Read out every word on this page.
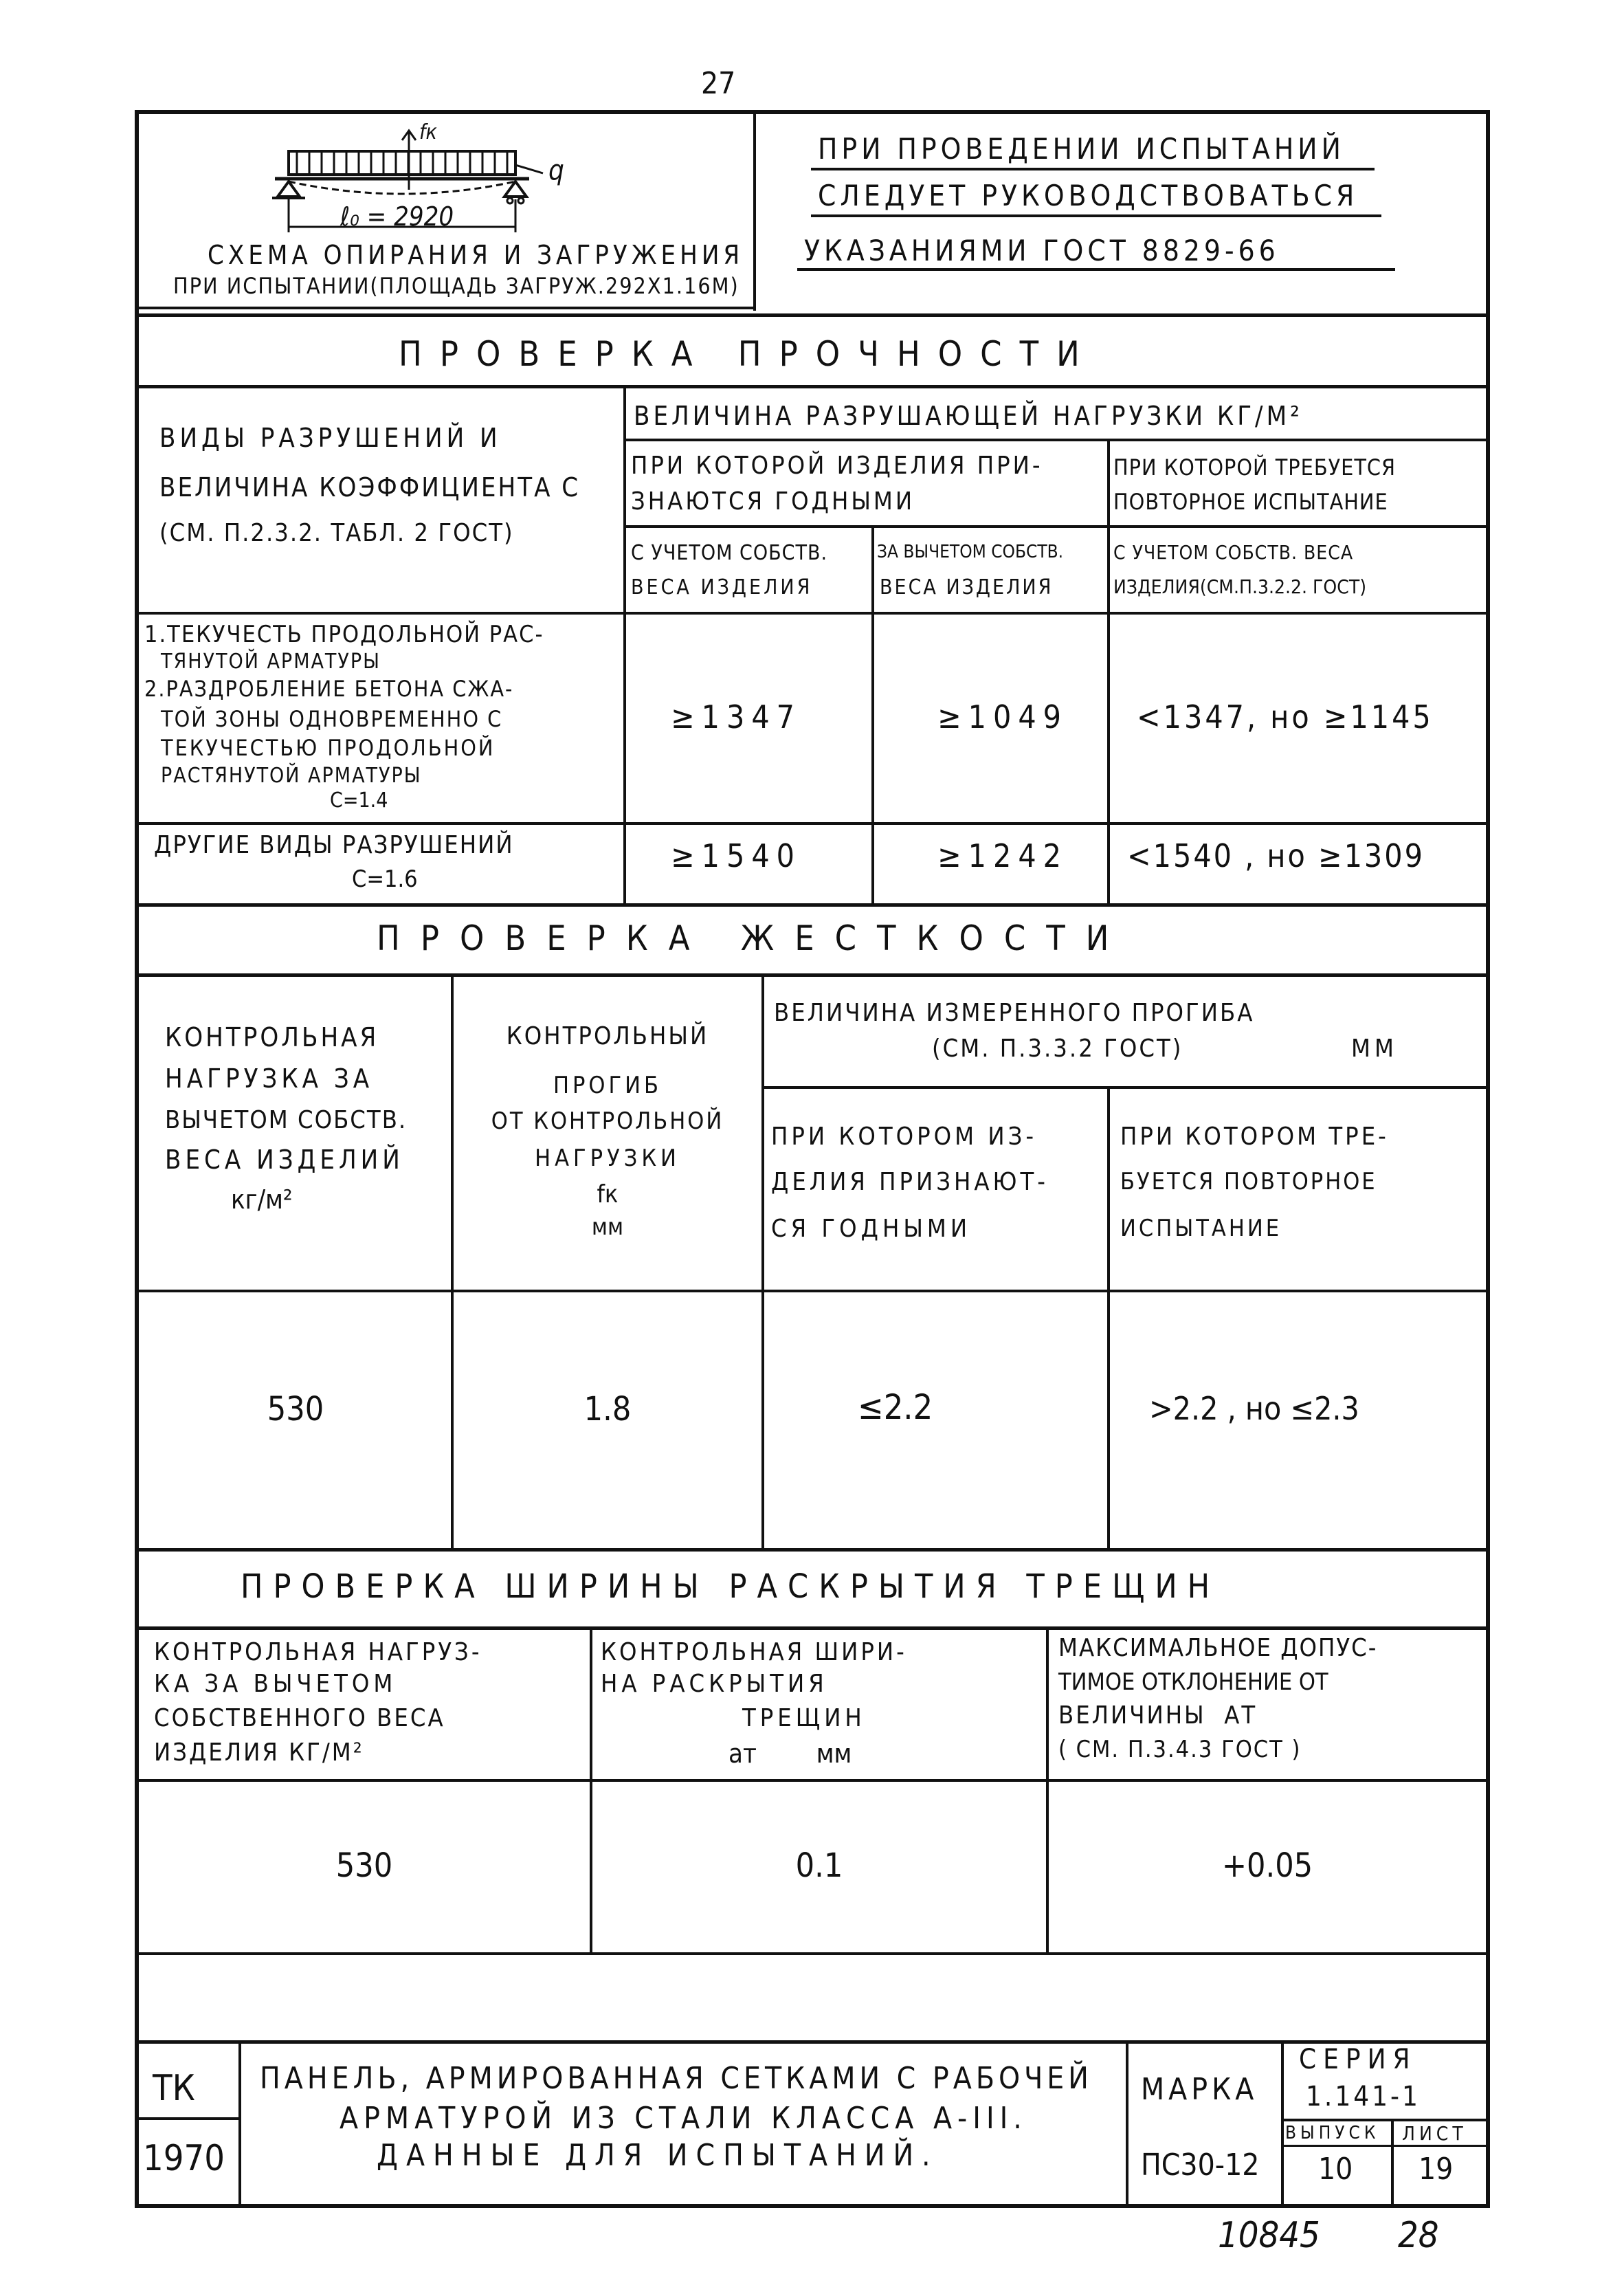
27
q
fк
ℓ₀ = 2920
СХЕМА ОПИРАНИЯ И ЗАГРУЖЕНИЯ
ПРИ ИСПЫТАНИИ(ПЛОЩАДЬ ЗАГРУЖ.292Х1.16М)
ПРИ ПРОВЕДЕНИИ ИСПЫТАНИЙ
СЛЕДУЕТ РУКОВОДСТВОВАТЬСЯ
УКАЗАНИЯМИ ГОСТ 8829-66
ПРОВЕРКА ПРОЧНОСТИ
ВИДЫ РАЗРУШЕНИЙ И
ВЕЛИЧИНА КОЭФФИЦИЕНТА C
(СМ. П.2.3.2. ТАБЛ. 2 ГОСТ)
ВЕЛИЧИНА РАЗРУШАЮЩЕЙ НАГРУЗКИ КГ/М²
ПРИ КОТОРОЙ ИЗДЕЛИЯ ПРИ-
ЗНАЮТСЯ ГОДНЫМИ
ПРИ КОТОРОЙ ТРЕБУЕТСЯ
ПОВТОРНОЕ ИСПЫТАНИЕ
С УЧЕТОМ СОБСТВ.
ВЕСА ИЗДЕЛИЯ
ЗА ВЫЧЕТОМ СОБСТВ.
ВЕСА ИЗДЕЛИЯ
С УЧЕТОМ СОБСТВ. ВЕСА
ИЗДЕЛИЯ(СМ.П.3.2.2. ГОСТ)
1.ТЕКУЧЕСТЬ ПРОДОЛЬНОЙ РАС-
ТЯНУТОЙ АРМАТУРЫ
2.РАЗДРОБЛЕНИЕ БЕТОНА СЖА-
ТОЙ ЗОНЫ ОДНОВРЕМЕННО С
ТЕКУЧЕСТЬЮ ПРОДОЛЬНОЙ
РАСТЯНУТОЙ АРМАТУРЫ
C=1.4
≥1347	≥1049 <1347, но ≥1145
ДРУГИЕ ВИДЫ РАЗРУШЕНИЙ
C=1.6
≥1540	≥1242 <1540 , но ≥1309
ПРОВЕРКА ЖЕСТКОСТИ
КОНТРОЛЬНАЯ
НАГРУЗКА ЗА
ВЫЧЕТОМ СОБСТВ.
ВЕСА ИЗДЕЛИЙ
кг/м²
КОНТРОЛЬНЫЙ
ПРОГИБ
ОТ КОНТРОЛЬНОЙ
НАГРУЗКИ
fк
мм
ВЕЛИЧИНА ИЗМЕРЕННОГО ПРОГИБА
(СМ. П.3.3.2 ГОСТ)	ММ
ПРИ КОТОРОМ ИЗ-
ДЕЛИЯ ПРИЗНАЮТ-
СЯ ГОДНЫМИ
ПРИ КОТОРОМ ТРЕ-
БУЕТСЯ ПОВТОРНОЕ
ИСПЫТАНИЕ
530	1.8	≤2.2	>2.2 , но ≤2.3
ПРОВЕРКА ШИРИНЫ РАСКРЫТИЯ ТРЕЩИН
КОНТРОЛЬНАЯ НАГРУЗ-
КА ЗА ВЫЧЕТОМ
СОБСТВЕННОГО ВЕСА
ИЗДЕЛИЯ КГ/М²
КОНТРОЛЬНАЯ ШИРИ-
НА РАСКРЫТИЯ
ТРЕЩИН
aт        мм
МАКСИМАЛЬНОЕ ДОПУС-
ТИМОЕ ОТКЛОНЕНИЕ ОТ
ВЕЛИЧИНЫ  AТ
( СМ. П.3.4.3 ГОСТ )
530	0.1	+0.05
ТК
1970
ПАНЕЛЬ, АРМИРОВАННАЯ СЕТКАМИ С РАБОЧЕЙ
АРМАТУРОЙ ИЗ СТАЛИ КЛАССА А-III.
ДАННЫЕ ДЛЯ ИСПЫТАНИЙ.
МАРКА
ПС30-12
СЕРИЯ
1.141-1
ВЫПУСК
10
ЛИСТ
19
10845 28
